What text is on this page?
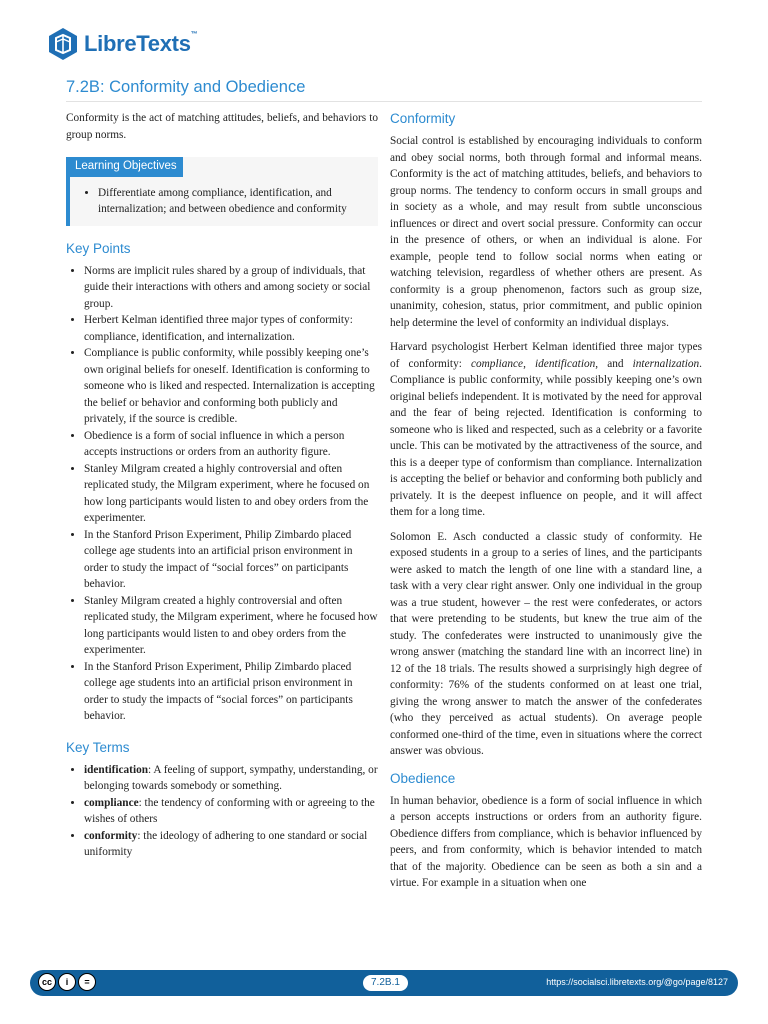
LibreTexts™
7.2B: Conformity and Obedience

Conformity is the act of matching attitudes, beliefs, and behaviors to group norms.

Learning Objectives
• Differentiate among compliance, identification, and internalization; and between obedience and conformity
Key Points
• Norms are implicit rules shared by a group of individuals, that guide their interactions with others and among society or social group.
• Herbert Kelman identified three major types of conformity: compliance, identification, and internalization.
• Compliance is public conformity, while possibly keeping one’s own original beliefs for oneself. Identification is conforming to someone who is liked and respected. Internalization is accepting the belief or behavior and conforming both publicly and privately, if the source is credible.
• Obedience is a form of social influence in which a person accepts instructions or orders from an authority figure.
• Stanley Milgram created a highly controversial and often replicated study, the Milgram experiment, where he focused on how long participants would listen to and obey orders from the experimenter.
• In the Stanford Prison Experiment, Philip Zimbardo placed college age students into an artificial prison environment in order to study the impact of “social forces” on participants behavior.
• Stanley Milgram created a highly controversial and often replicated study, the Milgram experiment, where he focused how long participants would listen to and obey orders from the experimenter.
• In the Stanford Prison Experiment, Philip Zimbardo placed college age students into an artificial prison environment in order to study the impacts of “social forces” on participants behavior.
Key Terms
• identification: A feeling of support, sympathy, understanding, or belonging towards somebody or something.
• compliance: the tendency of conforming with or agreeing to the wishes of others
• conformity: the ideology of adhering to one standard or social uniformity
Conformity

Social control is established by encouraging individuals to conform and obey social norms, both through formal and informal means. Conformity is the act of matching attitudes, beliefs, and behaviors to group norms. The tendency to conform occurs in small groups and in society as a whole, and may result from subtle unconscious influences or direct and overt social pressure. Conformity can occur in the presence of others, or when an individual is alone. For example, people tend to follow social norms when eating or watching television, regardless of whether others are present. As conformity is a group phenomenon, factors such as group size, unanimity, cohesion, status, prior commitment, and public opinion help determine the level of conformity an individual displays.

Harvard psychologist Herbert Kelman identified three major types of conformity: compliance, identification, and internalization. Compliance is public conformity, while possibly keeping one’s own original beliefs independent. It is motivated by the need for approval and the fear of being rejected. Identification is conforming to someone who is liked and respected, such as a celebrity or a favorite uncle. This can be motivated by the attractiveness of the source, and this is a deeper type of conformism than compliance. Internalization is accepting the belief or behavior and conforming both publicly and privately. It is the deepest influence on people, and it will affect them for a long time.

Solomon E. Asch conducted a classic study of conformity. He exposed students in a group to a series of lines, and the participants were asked to match the length of one line with a standard line, a task with a very clear right answer. Only one individual in the group was a true student, however – the rest were confederates, or actors that were pretending to be students, but knew the true aim of the study. The confederates were instructed to unanimously give the wrong answer (matching the standard line with an incorrect line) in 12 of the 18 trials. The results showed a surprisingly high degree of conformity: 76% of the students conformed on at least one trial, giving the wrong answer to match the answer of the confederates (who they perceived as actual students). On average people conformed one-third of the time, even in situations where the correct answer was obvious.

Obedience

In human behavior, obedience is a form of social influence in which a person accepts instructions or orders from an authority figure. Obedience differs from compliance, which is behavior influenced by peers, and from conformity, which is behavior intended to match that of the majority. Obedience can be seen as both a sin and a virtue. For example in a situation when one

cc	i	=	7.2B.1	https://socialsci.libretexts.org/@go/page/8127
